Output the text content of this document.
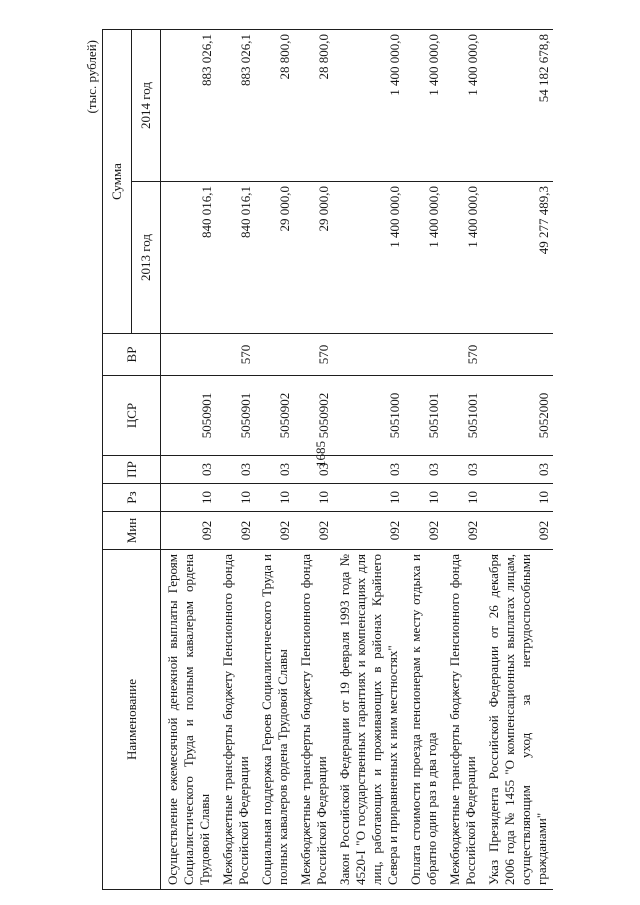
1685
(тыс. рублей)
Наименование	Мин	Рз	ПР	ЦСР	ВР	Сумма	
						2013 год	2014 год
Осуществление ежемесячной денежной выплаты Героям Социалистического Труда и полным кавалерам ордена Трудовой Славы	092	10	03	5050901		840 016,1	883 026,1
Межбюджетные трансферты бюджету Пенсионного фонда Российской Федерации	092	10	03	5050901	570	840 016,1	883 026,1
Социальная поддержка Героев Социалистического Труда и полных кавалеров ордена Трудовой Славы	092	10	03	5050902		29 000,0	28 800,0
Межбюджетные трансферты бюджету Пенсионного фонда Российской Федерации	092	10	03	5050902	570	29 000,0	28 800,0
Закон Российской Федерации от 19 февраля 1993 года № 4520-I "О государственных гарантиях и компенсациях для лиц, работающих и проживающих в районах Крайнего Севера и приравненных к ним местностях"	092	10	03	5051000		1 400 000,0	1 400 000,0
Оплата стоимости проезда пенсионерам к месту отдыха и обратно один раз в два года	092	10	03	5051001		1 400 000,0	1 400 000,0
Межбюджетные трансферты бюджету Пенсионного фонда Российской Федерации	092	10	03	5051001	570	1 400 000,0	1 400 000,0
Указ Президента Российской Федерации от 26 декабря 2006 года № 1455 "О компенсационных выплатах лицам, осуществляющим уход за нетрудоспособными гражданами"	092	10	03	5052000		49 277 489,3	54 182 678,8
